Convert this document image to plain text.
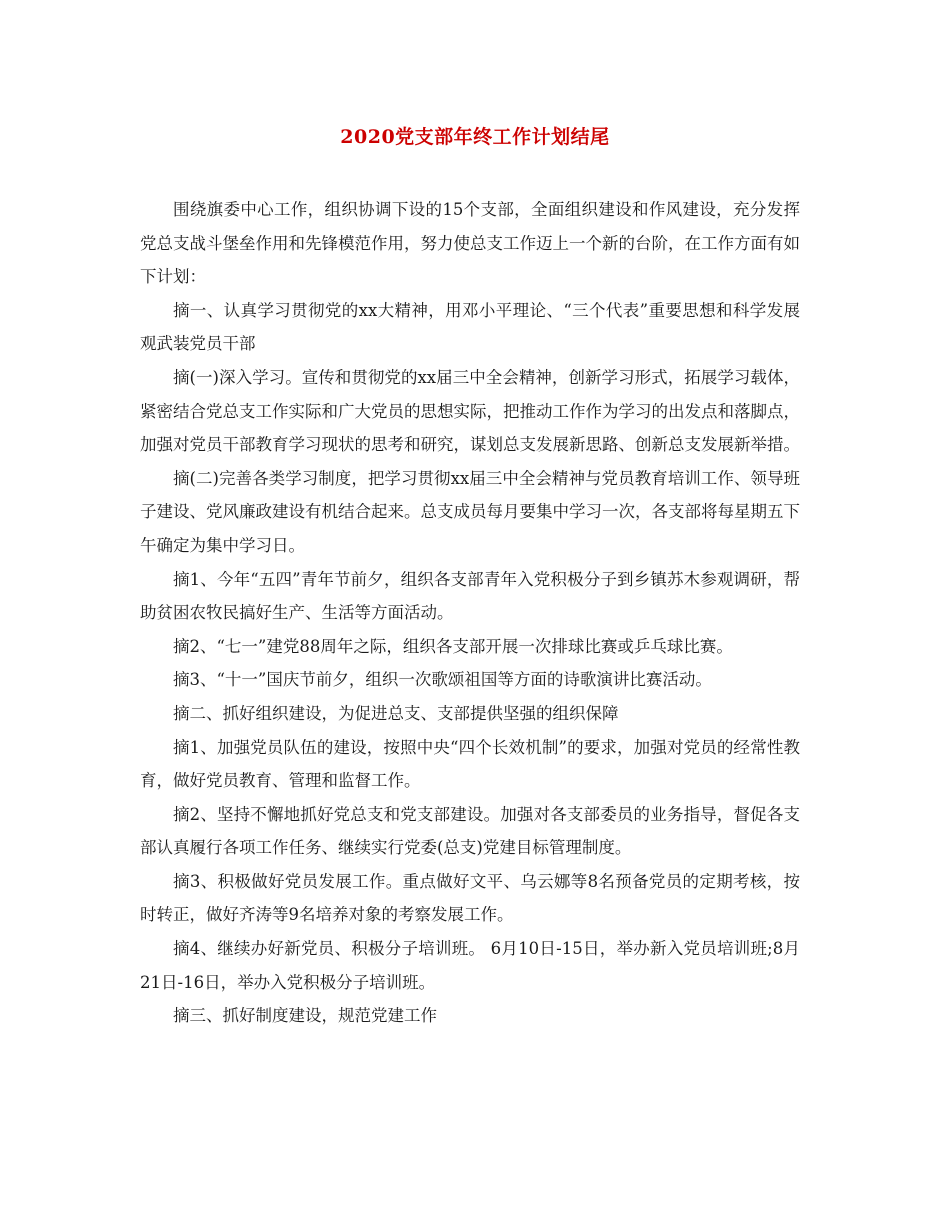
2020党支部年终工作计划结尾

围绕旗委中心工作，组织协调下设的15个支部，全面组织建设和作风建设，充分发挥党总支战斗堡垒作用和先锋模范作用，努力使总支工作迈上一个新的台阶，在工作方面有如下计划：

摘一、认真学习贯彻党的xx大精神，用邓小平理论、“三个代表”重要思想和科学发展观武装党员干部

摘(一)深入学习。宣传和贯彻党的xx届三中全会精神，创新学习形式，拓展学习载体，紧密结合党总支工作实际和广大党员的思想实际，把推动工作作为学习的出发点和落脚点，加强对党员干部教育学习现状的思考和研究，谋划总支发展新思路、创新总支发展新举措。

摘(二)完善各类学习制度，把学习贯彻xx届三中全会精神与党员教育培训工作、领导班子建设、党风廉政建设有机结合起来。总支成员每月要集中学习一次，各支部将每星期五下午确定为集中学习日。

摘1、今年“五四”青年节前夕，组织各支部青年入党积极分子到乡镇苏木参观调研，帮助贫困农牧民搞好生产、生活等方面活动。

摘2、“七一”建党88周年之际，组织各支部开展一次排球比赛或乒乓球比赛。

摘3、“十一”国庆节前夕，组织一次歌颂祖国等方面的诗歌演讲比赛活动。

摘二、抓好组织建设，为促进总支、支部提供坚强的组织保障

摘1、加强党员队伍的建设，按照中央“四个长效机制”的要求，加强对党员的经常性教育，做好党员教育、管理和监督工作。

摘2、坚持不懈地抓好党总支和党支部建设。加强对各支部委员的业务指导，督促各支部认真履行各项工作任务、继续实行党委(总支)党建目标管理制度。

摘3、积极做好党员发展工作。重点做好文平、乌云娜等8名预备党员的定期考核，按时转正，做好齐涛等9名培养对象的考察发展工作。

摘4、继续办好新党员、积极分子培训班。 6月10日-15日，举办新入党员培训班;8月21日-16日，举办入党积极分子培训班。

摘三、抓好制度建设，规范党建工作
